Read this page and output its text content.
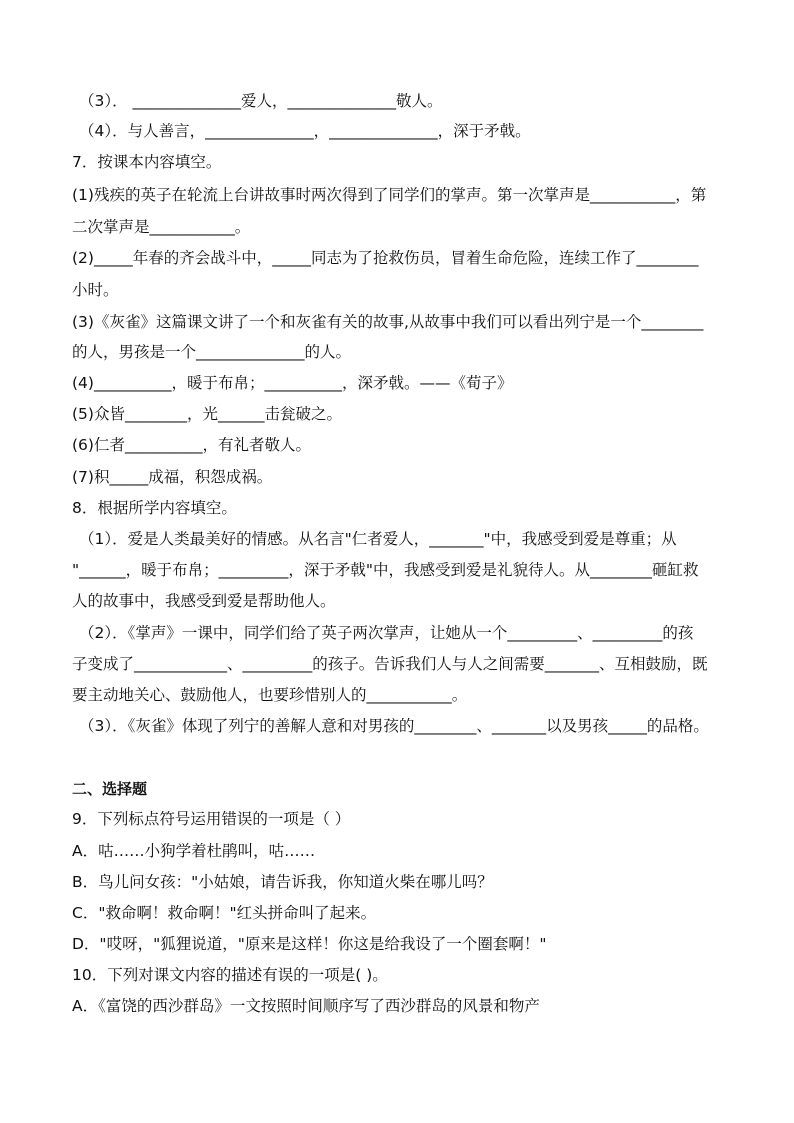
（3）． ______________爱人，______________敬人。
（4）．与人善言，______________，______________，深于矛戟。
7．按课本内容填空。
(1)残疾的英子在轮流上台讲故事时两次得到了同学们的掌声。第一次掌声是___________，第
二次掌声是___________。
(2)_____年春的齐会战斗中，_____同志为了抢救伤员，冒着生命危险，连续工作了________
小时。
(3)《灰雀》这篇课文讲了一个和灰雀有关的故事,从故事中我们可以看出列宁是一个________
的人，男孩是一个______________的人。
(4)__________，暖于布帛；__________，深矛戟。——《荀子》
(5)众皆________，光______击瓮破之。
(6)仁者__________，有礼者敬人。
(7)积_____成福，积怨成祸。
8．根据所学内容填空。
（1）．爱是人类最美好的情感。从名言"仁者爱人，_______"中，我感受到爱是尊重；从
"______，暖于布帛；_________，深于矛戟"中，我感受到爱是礼貌待人。从________砸缸救
人的故事中，我感受到爱是帮助他人。
（2）．《掌声》一课中，同学们给了英子两次掌声，让她从一个_________、_________的孩
子变成了____________、_________的孩子。告诉我们人与人之间需要_______、互相鼓励，既
要主动地关心、鼓励他人，也要珍惜别人的___________。
（3）．《灰雀》体现了列宁的善解人意和对男孩的________、_______以及男孩_____的品格。
二、选择题
9．下列标点符号运用错误的一项是（ ）
A．咕……小狗学着杜鹃叫，咕……
B．鸟儿问女孩："小姑娘，请告诉我，你知道火柴在哪儿吗？
C．"救命啊！救命啊！"红头拼命叫了起来。
D．"哎呀，"狐狸说道，"原来是这样！你这是给我设了一个圈套啊！"
10．下列对课文内容的描述有误的一项是( )。
A．《富饶的西沙群岛》一文按照时间顺序写了西沙群岛的风景和物产
